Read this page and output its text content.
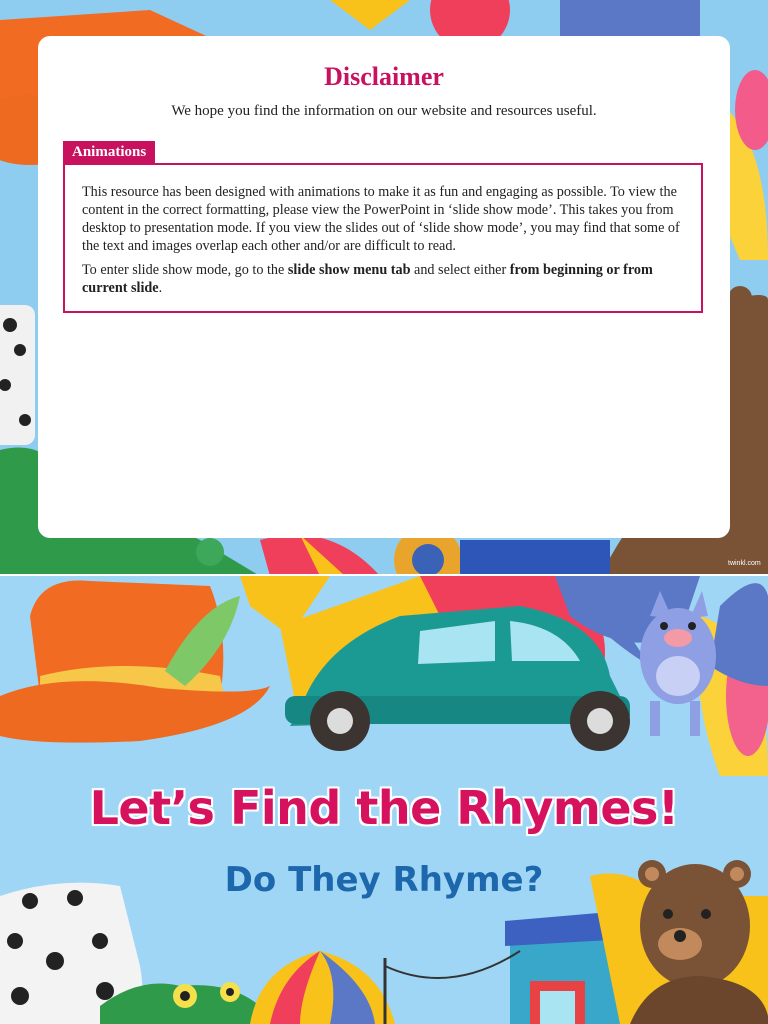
Disclaimer
We hope you find the information on our website and resources useful.
Animations

This resource has been designed with animations to make it as fun and engaging as possible. To view the content in the correct formatting, please view the PowerPoint in ‘slide show mode’. This takes you from desktop to presentation mode. If you view the slides out of ‘slide show mode’, you may find that some of the text and images overlap each other and/or are difficult to read.

To enter slide show mode, go to the slide show menu tab and select either from beginning or from current slide.

twinkl.com
Let’s Find the Rhymes!
Do They Rhyme?
